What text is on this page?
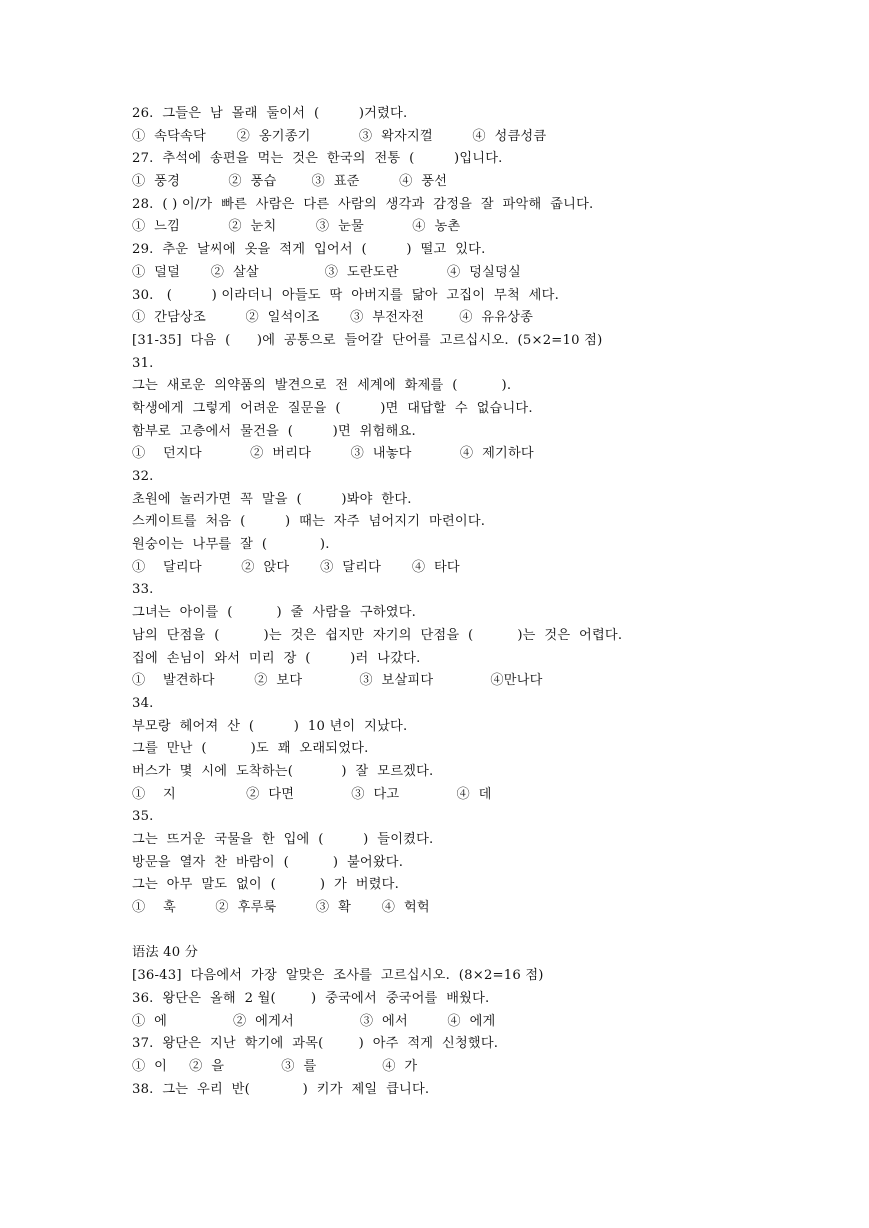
26.  그들은  남  몰래  둘이서  (         )거렸다.
①  속닥속닥       ②  옹기종기           ③  왁자지껄         ④  성큼성큼
27.  추석에  송편을  먹는  것은  한국의  전통  (         )입니다.
①  풍경           ②  풍습        ③  표준         ④  풍선
28.  ( ) 이/가  빠른  사람은  다른  사람의  생각과  감정을  잘  파악해  줍니다.
①  느낌           ②  눈치         ③  눈물           ④  농촌
29.  추운  날씨에  옷을  적게  입어서  (         )  떨고  있다.
①  덜덜       ②  살살               ③  도란도란           ④  덩실덩실
30.   (         ) 이라더니  아들도  딱  아버지를  닮아  고집이  무척  세다.
①  간담상조         ②  일석이조       ③  부전자전        ④  유유상종
[31-35]  다음  (      )에  공통으로  들어갈  단어를  고르십시오.  (5×2=10 점)
31.
그는  새로운  의약품의  발견으로  전  세계에  화제를  (          ).
학생에게  그렇게  어려운  질문을  (         )면  대답할  수  없습니다.
함부로  고층에서  물건을  (         )면  위험해요.
①    던지다           ②  버리다         ③  내놓다           ④  제기하다
32.
초원에  놀러가면  꼭  말을  (         )봐야  한다.
스케이트를  처음  (         )  때는  자주  넘어지기  마련이다.
원숭이는  나무를  잘  (            ).
①    달리다         ②  앉다       ③  달리다       ④  타다
33.
그녀는  아이를  (          )  줄  사람을  구하였다.
남의  단점을  (          )는  것은  쉽지만  자기의  단점을  (          )는  것은  어렵다.
집에  손님이  와서  미리  장  (         )러  나갔다.
①    발견하다         ②  보다             ③  보살피다             ④만나다
34.
부모랑  헤어져  산  (         )  10 년이  지났다.
그를  만난  (          )도  꽤  오래되었다.
버스가  몇  시에  도착하는(           )  잘  모르겠다.
①    지                ②  다면             ③  다고             ④  데
35.
그는  뜨거운  국물을  한  입에  (         )  들이켰다.
방문을  열자  찬  바람이  (          )  불어왔다.
그는  아무  말도  없이  (          )  가  버렸다.
①    훅         ②  후루룩         ③  확       ④  헉헉
语法 40 分
[36-43]  다음에서  가장  알맞은  조사를  고르십시오.  (8×2=16 점)
36.  왕단은  올해  2 월(        )  중국에서  중국어를  배웠다.
①  에               ②  에게서               ③  에서         ④  에게
37.  왕단은  지난  학기에  과목(        )  아주  적게  신청했다.
①  이     ②  을             ③  를               ④  가
38.  그는  우리  반(            )  키가  제일  큽니다.
